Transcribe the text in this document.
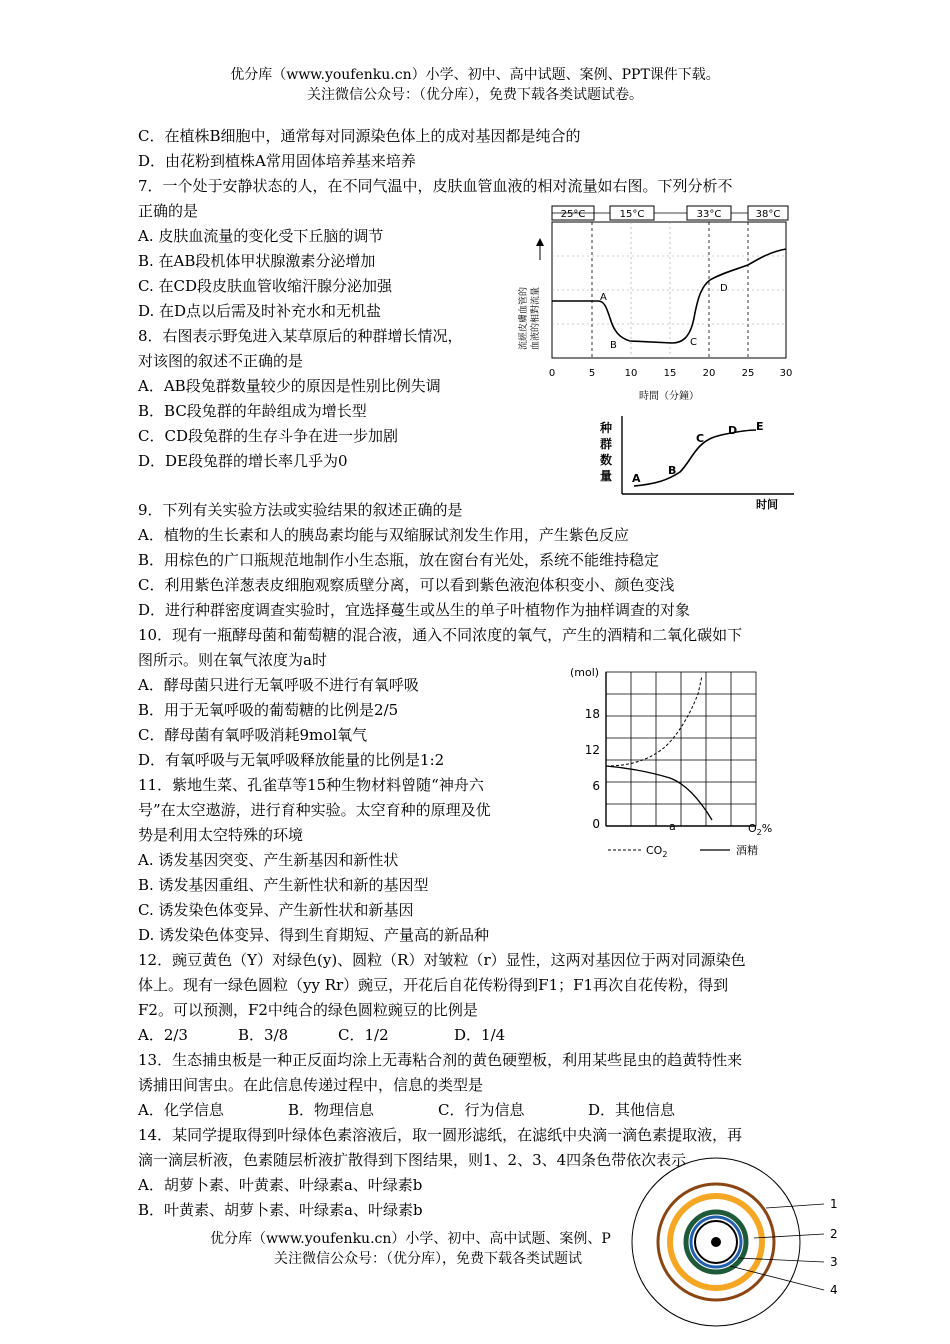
优分库（www.youfenku.cn）小学、初中、高中试题、案例、PPT课件下载。
关注微信公众号：（优分库），免费下载各类试题试卷。
C．在植株B细胞中，通常每对同源染色体上的成对基因都是纯合的
D．由花粉到植株A常用固体培养基来培养
7．一个处于安静状态的人，在不同气温中，皮肤血管血液的相对流量如右图。下列分析不
正确的是
A. 皮肤血流量的变化受下丘脑的调节
B. 在AB段机体甲状腺激素分泌增加
C. 在CD段皮肤血管收缩汗腺分泌加强
D. 在D点以后需及时补充水和无机盐
8．右图表示野兔进入某草原后的种群增长情况，
对该图的叙述不正确的是
A．AB段兔群数量较少的原因是性别比例失调
B．BC段兔群的年龄组成为增长型
C．CD段兔群的生存斗争在进一步加剧
D．DE段兔群的增长率几乎为0
9．下列有关实验方法或实验结果的叙述正确的是
A．植物的生长素和人的胰岛素均能与双缩脲试剂发生作用，产生紫色反应
B．用棕色的广口瓶规范地制作小生态瓶，放在窗台有光处，系统不能维持稳定
C．利用紫色洋葱表皮细胞观察质壁分离，可以看到紫色液泡体积变小、颜色变浅
D．进行种群密度调查实验时，宜选择蔓生或丛生的单子叶植物作为抽样调查的对象
10．现有一瓶酵母菌和葡萄糖的混合液，通入不同浓度的氧气，产生的酒精和二氧化碳如下
图所示。则在氧气浓度为a时
A．酵母菌只进行无氧呼吸不进行有氧呼吸
B．用于无氧呼吸的葡萄糖的比例是2/5
C．酵母菌有氧呼吸消耗9mol氧气
D．有氧呼吸与无氧呼吸释放能量的比例是1:2
11．紫地生菜、孔雀草等15种生物材料曾随“神舟六
号”在太空遨游，进行育种实验。太空育种的原理及优
势是利用太空特殊的环境
A. 诱发基因突变、产生新基因和新性状
B. 诱发基因重组、产生新性状和新的基因型
C. 诱发染色体变异、产生新性状和新基因
D. 诱发染色体变异、得到生育期短、产量高的新品种
12．豌豆黄色（Y）对绿色(y)、圆粒（R）对皱粒（r）显性，这两对基因位于两对同源染色
体上。现有一绿色圆粒（yy Rr）豌豆，开花后自花传粉得到F1；F1再次自花传粉，得到
F2。可以预测，F2中纯合的绿色圆粒豌豆的比例是
A．2/3	B．3/8	C．1/2	D．1/4
13．生态捕虫板是一种正反面均涂上无毒粘合剂的黄色硬塑板，利用某些昆虫的趋黄特性来
诱捕田间害虫。在此信息传递过程中，信息的类型是
A．化学信息	B．物理信息	C．行为信息	D．其他信息
14．某同学提取得到叶绿体色素溶液后，取一圆形滤纸，在滤纸中央滴一滴色素提取液，再
滴一滴层析液，色素随层析液扩散得到下图结果，则1、2、3、4四条色带依次表示
A．胡萝卜素、叶黄素、叶绿素a、叶绿素b
B．叶黄素、胡萝卜素、叶绿素a、叶绿素b
优分库（www.youfenku.cn）小学、初中、高中试题、案例、P
关注微信公众号：（优分库），免费下载各类试题试
25°C	15°C	33°C	38°C
A
B	C
D
流經皮膚血管的 血液的相對流量
0	5	10	15	20	25	30
時間（分鐘）
种
群
数
量 A
B
C
D E
时间
(mol)
18
12
6
0	a	$O_2\%$
$CO_2$	酒精
1
2
3
4
